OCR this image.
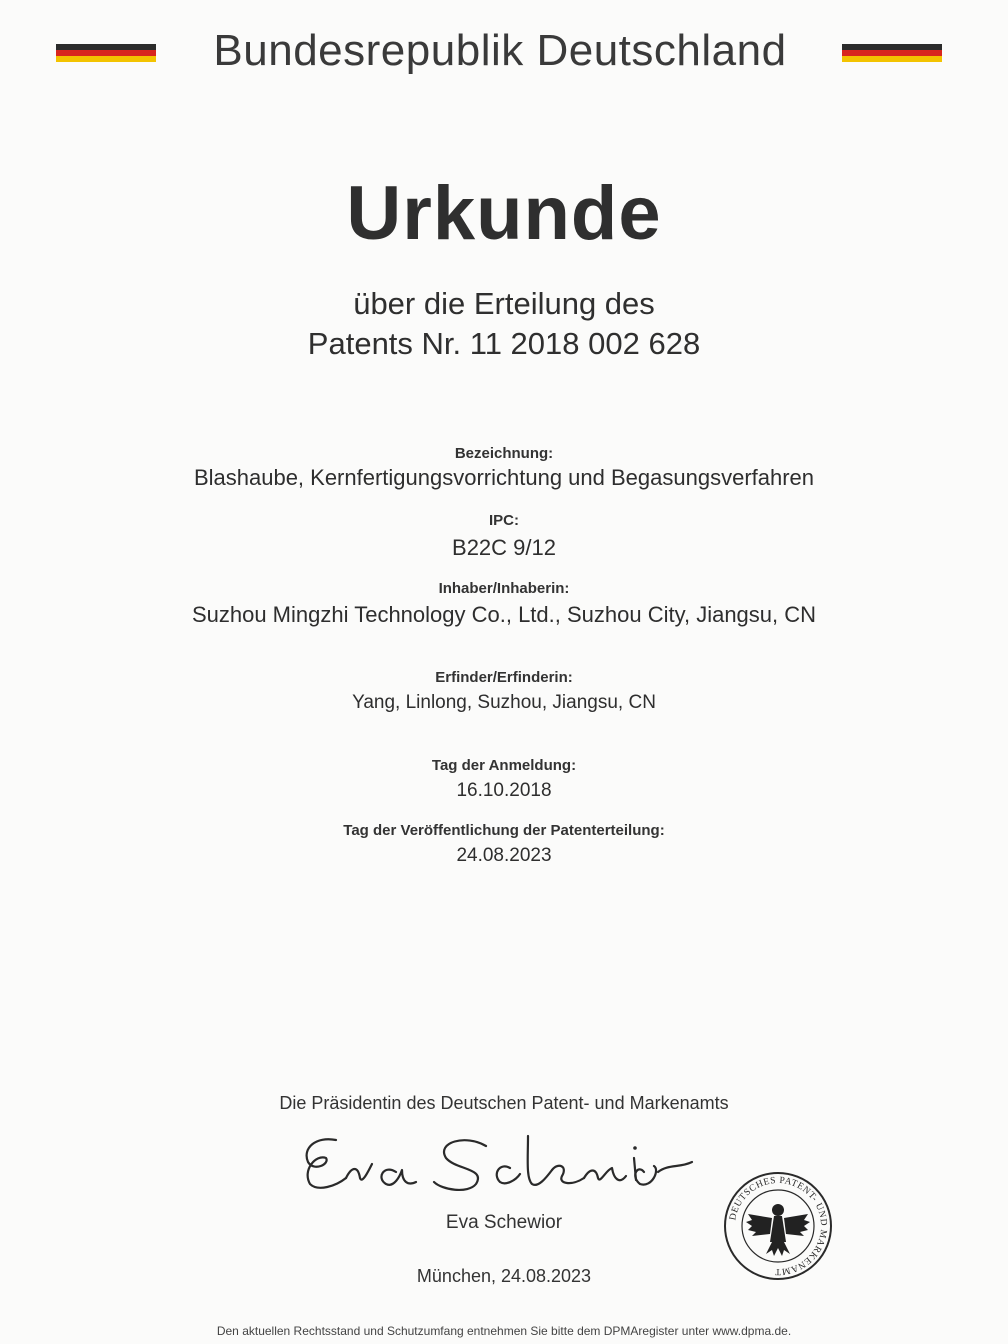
Bundesrepublik Deutschland
Urkunde
über die Erteilung des
Patents Nr. 11 2018 002 628
Bezeichnung:
Blashaube, Kernfertigungsvorrichtung und Begasungsverfahren
IPC:
B22C 9/12
Inhaber/Inhaberin:
Suzhou Mingzhi Technology Co., Ltd., Suzhou City, Jiangsu, CN
Erfinder/Erfinderin:
Yang, Linlong, Suzhou, Jiangsu, CN
Tag der Anmeldung:
16.10.2018
Tag der Veröffentlichung der Patenterteilung:
24.08.2023
Die Präsidentin des Deutschen Patent- und Markenamts
Eva Schewior
München, 24.08.2023
DEUTSCHES PATENT- UND MARKENAMT
Den aktuellen Rechtsstand und Schutzumfang entnehmen Sie bitte dem DPMAregister unter www.dpma.de.
